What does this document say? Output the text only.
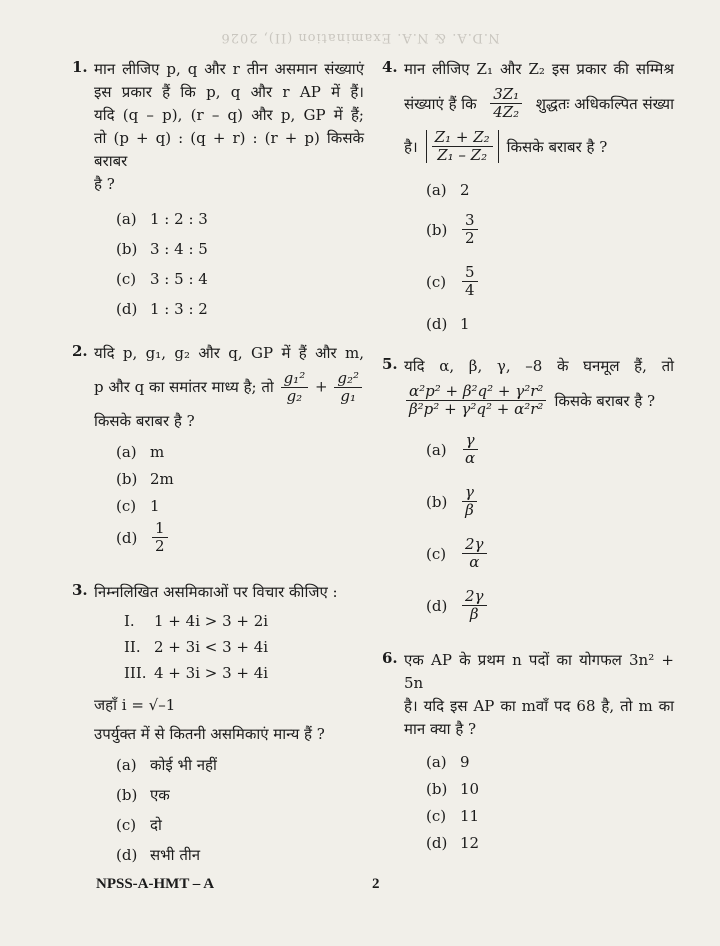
N.D.A. & N.A. Examination (II), 2026
1. मान लीजिए p, q और r तीन असमान संख्याएं
इस प्रकार हैं कि p, q और r AP में हैं।
यदि (q – p), (r – q) और p, GP में हैं;
तो (p + q) : (q + r) : (r + p) किसके बराबर
है ?
(a) 1 : 2 : 3
(b) 3 : 4 : 5
(c) 3 : 5 : 4
(d) 1 : 3 : 2
2. यदि p, g₁, g₂ और q, GP में हैं और m,
p और q का समांतर माध्य है; तो $\frac{\text{g₁²}}{\text{g₂}} + \frac{\text{g₂²}}{\text{g₁}}$
किसके बराबर है ?
(a) m
(b) 2m
(c) 1
$(d) \frac{1}{2}$
3. निम्नलिखित असमिकाओं पर विचार कीजिए :
I. 1 + 4i > 3 + 2i
II. 2 + 3i < 3 + 4i
III. 4 + 3i > 3 + 4i
जहाँ i = √–1
उपर्युक्त में से कितनी असमिकाएं मान्य हैं ?
(a) कोई भी नहीं
(b) एक
(c) दो
(d) सभी तीन
4. मान लीजिए Z₁ और Z₂ इस प्रकार की सम्मिश्र
संख्याएं हैं कि $\frac{\text{3Z₁}}{\text{4Z₂}}$ शुद्धतः अधिकल्पित संख्या
है। $\frac{\text{Z₁ + Z₂}}{\text{Z₁ – Z₂}}$ किसके बराबर है ?
(a) 2
$(b) \frac{3}{2}$
$(c) \frac{5}{4}$
(d) 1
5. यदि α, β, γ, –8 के घनमूल हैं, तो
$\frac{\text{α²p² + β²q² + γ²r²}}{\text{β²p² + γ²q² + α²r²}}$ किसके बराबर है ?
$(a) \frac{\gamma}{\alpha}$
$(b) \frac{\gamma}{\beta}$
$(c) \frac{2\gamma}{\alpha}$
$(d) \frac{2\gamma}{\beta}$
6. एक AP के प्रथम n पदों का योगफल 3n² + 5n
है। यदि इस AP का mवाँ पद 68 है, तो m का
मान क्या है ?
(a) 9
(b) 10
(c) 11
(d) 12
NPSS-A-HMT – A	2
